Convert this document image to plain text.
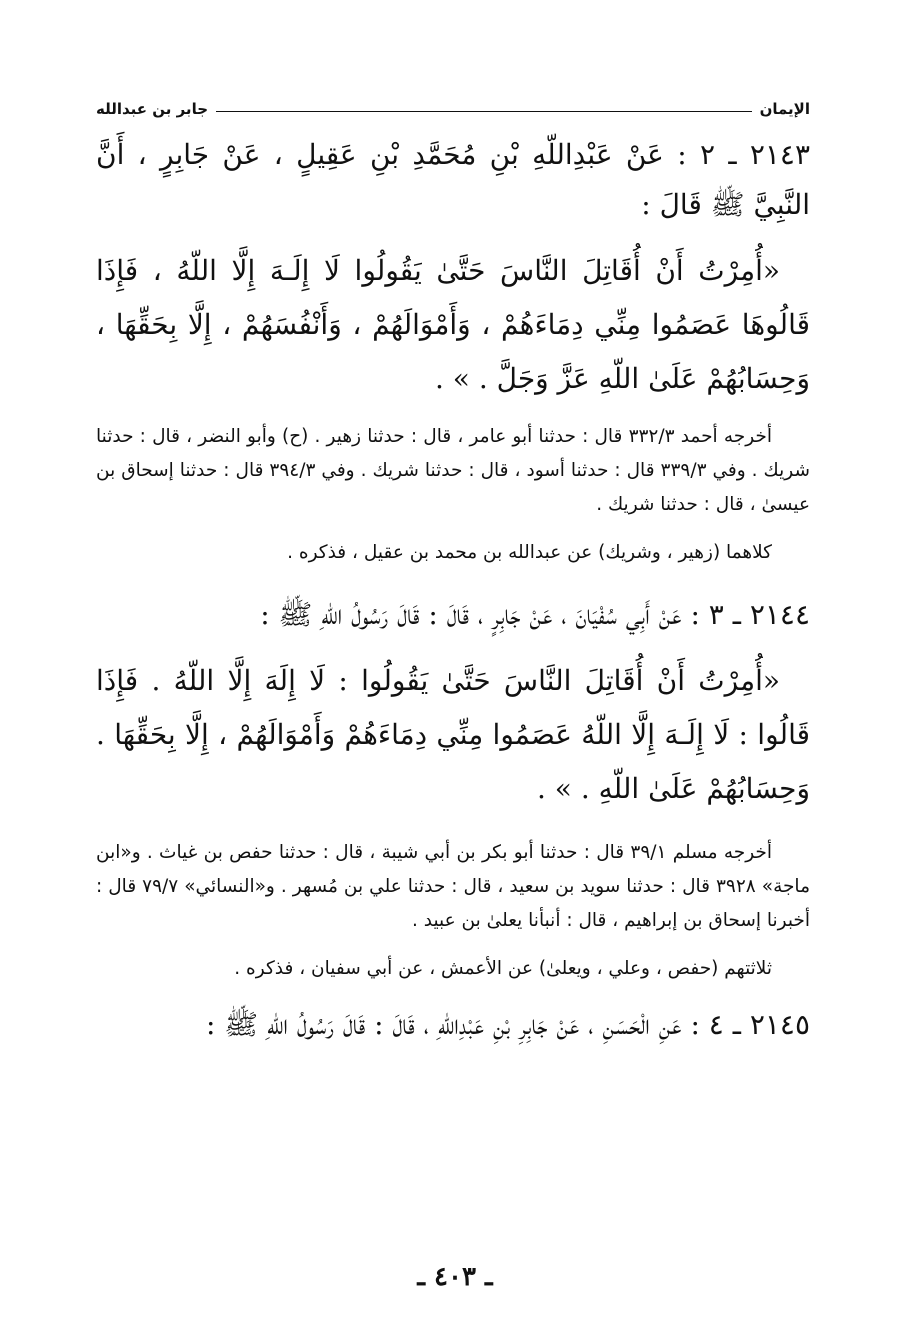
الإيمان
جابر بن عبدالله

٢١٤٣ ـ ٢ : عَنْ عَبْدِاللّهِ بْنِ مُحَمَّدِ بْنِ عَقِيلٍ ، عَنْ جَابِرٍ ، أَنَّ النَّبِيَّ ﷺ قَالَ :

«أُمِرْتُ أَنْ أُقَاتِلَ النَّاسَ حَتَّىٰ يَقُولُوا لَا إِلَـهَ إِلَّا اللّهُ ، فَإِذَا قَالُوهَا عَصَمُوا مِنِّي دِمَاءَهُمْ ، وَأَمْوَالَهُمْ ، وَأَنْفُسَهُمْ ، إِلَّا بِحَقِّهَا ، وَحِسَابُهُمْ عَلَىٰ اللّهِ عَزَّ وَجَلَّ . » .

أخرجه أحمد ٣٣٢/٣ قال : حدثنا أبو عامر ، قال : حدثنا زهير . (ح) وأبو النضر ، قال : حدثنا شريك . وفي ٣٣٩/٣ قال : حدثنا أسود ، قال : حدثنا شريك . وفي ٣٩٤/٣ قال : حدثنا إسحاق بن عيسىٰ ، قال : حدثنا شريك .

كلاهما (زهير ، وشريك) عن عبدالله بن محمد بن عقيل ، فذكره .

٢١٤٤ ـ ٣ : عَنْ أَبِي سُفْيَانَ ، عَنْ جَابِرٍ ، قَالَ : قَالَ رَسُولُ اللّهِ ﷺ :

«أُمِرْتُ أَنْ أُقَاتِلَ النَّاسَ حَتَّىٰ يَقُولُوا : لَا إِلَهَ إِلَّا اللّهُ . فَإِذَا قَالُوا : لَا إِلَـهَ إِلَّا اللّهُ عَصَمُوا مِنِّي دِمَاءَهُمْ وَأَمْوَالَهُمْ ، إِلَّا بِحَقِّهَا . وَحِسَابُهُمْ عَلَىٰ اللّهِ . » .

أخرجه مسلم ٣٩/١ قال : حدثنا أبو بكر بن أبي شيبة ، قال : حدثنا حفص بن غياث . و«ابن ماجة» ٣٩٢٨ قال : حدثنا سويد بن سعيد ، قال : حدثنا علي بن مُسهر . و«النسائي» ٧٩/٧ قال : أخبرنا إسحاق بن إبراهيم ، قال : أنبأنا يعلىٰ بن عبيد .

ثلاثتهم (حفص ، وعلي ، ويعلىٰ) عن الأعمش ، عن أبي سفيان ، فذكره .

٢١٤٥ ـ ٤ : عَنِ الْحَسَنِ ، عَنْ جَابِرِ بْنِ عَبْدِاللّهِ ، قَالَ : قَالَ رَسُولُ اللّهِ ﷺ :

ـ ٤٠٣ ـ
